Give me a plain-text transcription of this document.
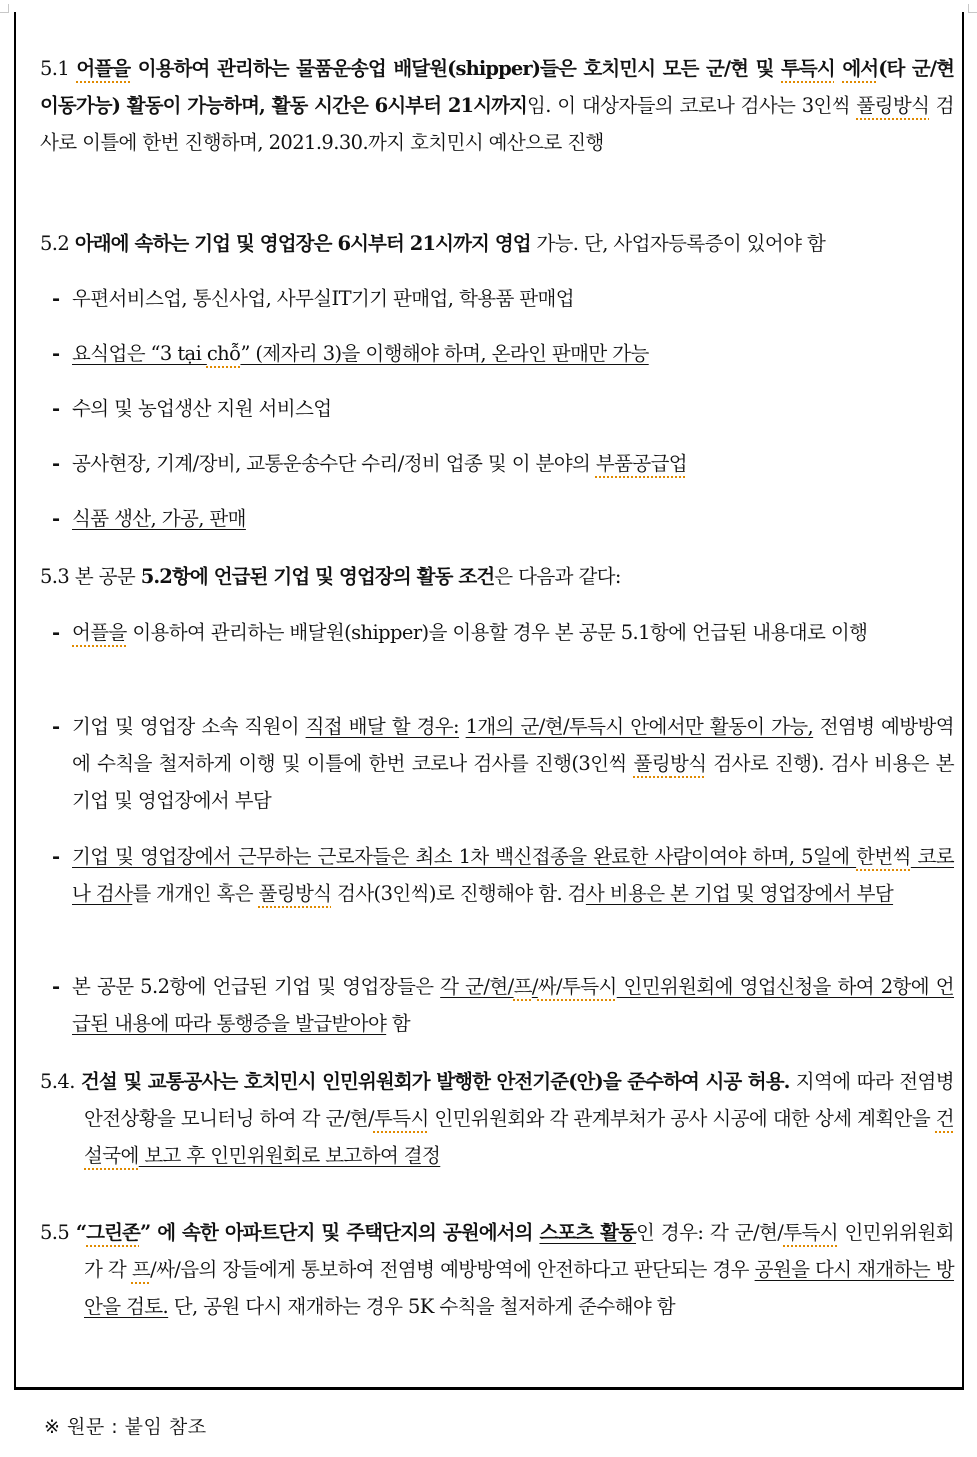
5.1 어플을 이용하여 관리하는 물품운송업 배달원(shipper)들은 호치민시 모든 군/현 및 투득시 에서(타 군/현 이동가능) 활동이 가능하며, 활동 시간은 6시부터 21시까지임. 이 대상자들의 코로나 검사는 3인씩 풀링방식 검사로 이틀에 한번 진행하며, 2021.9.30.까지 호치민시 예산으로 진행
5.2 아래에 속하는 기업 및 영업장은 6시부터 21시까지 영업 가능. 단, 사업자등록증이 있어야 함
- 우편서비스업, 통신사업, 사무실IT기기 판매업, 학용품 판매업
- 요식업은 “3 tại chỗ” (제자리 3)을 이행해야 하며, 온라인 판매만 가능
- 수의 및 농업생산 지원 서비스업
- 공사현장, 기계/장비, 교통운송수단 수리/정비 업종 및 이 분야의 부품공급업
- 식품 생산, 가공, 판매
5.3 본 공문 5.2항에 언급된 기업 및 영업장의 활동 조건은 다음과 같다:
- 어플을 이용하여 관리하는 배달원(shipper)을 이용할 경우 본 공문 5.1항에 언급된 내용대로 이행
- 기업 및 영업장 소속 직원이 직접 배달 할 경우: 1개의 군/현/투득시 안에서만 활동이 가능, 전염병 예방방역에 수칙을 철저하게 이행 및 이틀에 한번 코로나 검사를 진행(3인씩 풀링방식 검사로 진행). 검사 비용은 본 기업 및 영업장에서 부담
- 기업 및 영업장에서 근무하는 근로자들은 최소 1차 백신접종을 완료한 사람이여야 하며, 5일에 한번씩 코로나 검사를 개개인 혹은 풀링방식 검사(3인씩)로 진행해야 함. 검사 비용은 본 기업 및 영업장에서 부담
- 본 공문 5.2항에 언급된 기업 및 영업장들은 각 군/현/프/싸/투득시 인민위원회에 영업신청을 하여 2항에 언급된 내용에 따라 통행증을 발급받아야 함
5.4. 건설 및 교통공사는 호치민시 인민위원회가 발행한 안전기준(안)을 준수하여 시공 허용. 지역에 따라 전염병 안전상황을 모니터닝 하여 각 군/현/투득시 인민위원회와 각 관계부처가 공사 시공에 대한 상세 계획안을 건설국에 보고 후 인민위원회로 보고하여 결정
5.5 “그린존” 에 속한 아파트단지 및 주택단지의 공원에서의 스포츠 활동인 경우: 각 군/현/투득시 인민위위원회가 각 프/싸/읍의 장들에게 통보하여 전염병 예방방역에 안전하다고 판단되는 경우 공원을 다시 재개하는 방안을 검토. 단, 공원 다시 재개하는 경우 5K 수칙을 철저하게 준수해야 함
※ 원문 : 붙임 참조
